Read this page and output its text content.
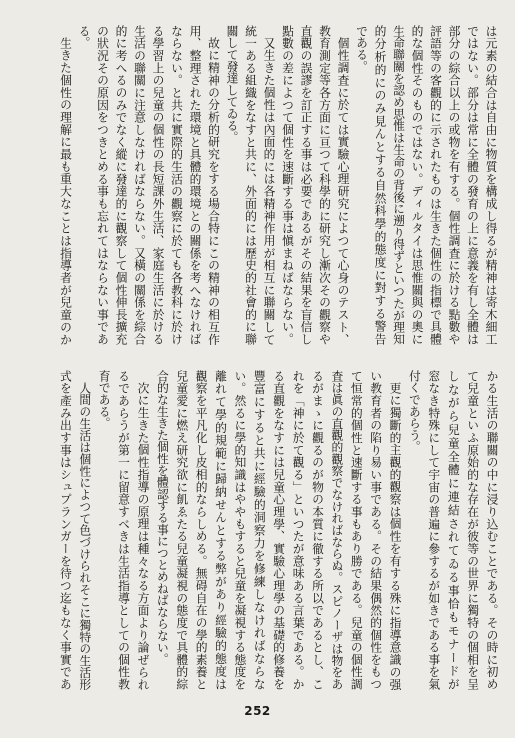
は元素の結合は自由に物質を構成し得るが精神は寄木細工
ではない。部分は常に全體の發育の上に意義を有し全體は
部分の綜合以上の或物を有する。個性調査に於ける點數や
評語等の客觀的に示されたものは生きた個性の指標で具體
的な個性そのものではない。ディルタイは思惟關與の奧に
生命聯關を認め思惟は生命の背後に遡り得ずといつたが理知
的分析的にのみ見んとする自然科學的態度に對する警告
である。
個性調査に於ては實驗心理研究によつて心身のテスト、
教育測定等各方面に亘つて科學的に研究し漸次その觀察や
直觀の誤謬を訂正する事は必要であるがその結果を盲信し
點數の差によつて個性を速斷する事は愼まねばならない。
又生きた個性は內面的には各精神作用が相互に聯關して
統一ある組織をなすと共に、外面的には歷史的社會的に聯
關して發達してゐる。
故に精神の分析的研究をする場合特にこの精神の相互作
用、整理された環境と具體的環境との關係を考へなければ
ならない。と共に實際的生活の觀察に於ても各教科に於け
る學習上の兒童の個性の長短課外生活、家庭生活に於ける
生活の聯關に注意しなければならない。又橫の關係を綜合
的に考へるのみでなく縱に發達的に觀察して個性伸長擴充
の狀況その原因をつきとめる事も忘れてはならない事であ
る。
生きた個性の理解に最も重大なことは指導者が兒童のか
かる生活の聯關の中に浸り込むことである。その時に初め
て兒童といふ原始的な存在が彼等の世界に獨特の個相を呈
しながら兒童全體に連結されてゐる事恰もモナードが
窓なき特殊にして宇宙の普遍に參するが如きである事を氣
付くであらう。
更に獨斷的主觀的觀察は個性を有する殊に指導意識の强
い教育者の陷り易い事である。その結果偶然的個性をもつ
て恒常的個性と速斷する事もあり勝である。兒童の個性調
査は眞の直觀的觀察でなければならぬ。スピノーザは物をあ
るがまゝに觀るのが物の本質に徹する所以であるとし、こ
れを「神に於て觀る」といつたが意味ある言葉である。か
る直觀をなすには兒童心理學、實驗心理學の基礎的修養を
豐富にすると共に經驗的洞察力を修練しなければならな
い。然るに學的知識はややもすると兒童を凝視する態度を
離れて學的規範に歸納せんとする弊があり經驗的態度は
觀察を平凡化し皮相的ならしめる。無碍自在の學的素養と
兒童愛に燃え研究欲に飢ゑたる兒童凝視の態度で具體的綜
合的な生きた個性を體認する事につとめねばならない。
次に生きた個性指導の原理は種々なる方面より論ぜられ
るであらうが第一に留意すべきは生活指導としての個性教
育である。
人間の生活は個性によつて色づけられそこに獨特の生活形
式を產み出す事はシュプランガーを待つ迄もなく事實であ
252
